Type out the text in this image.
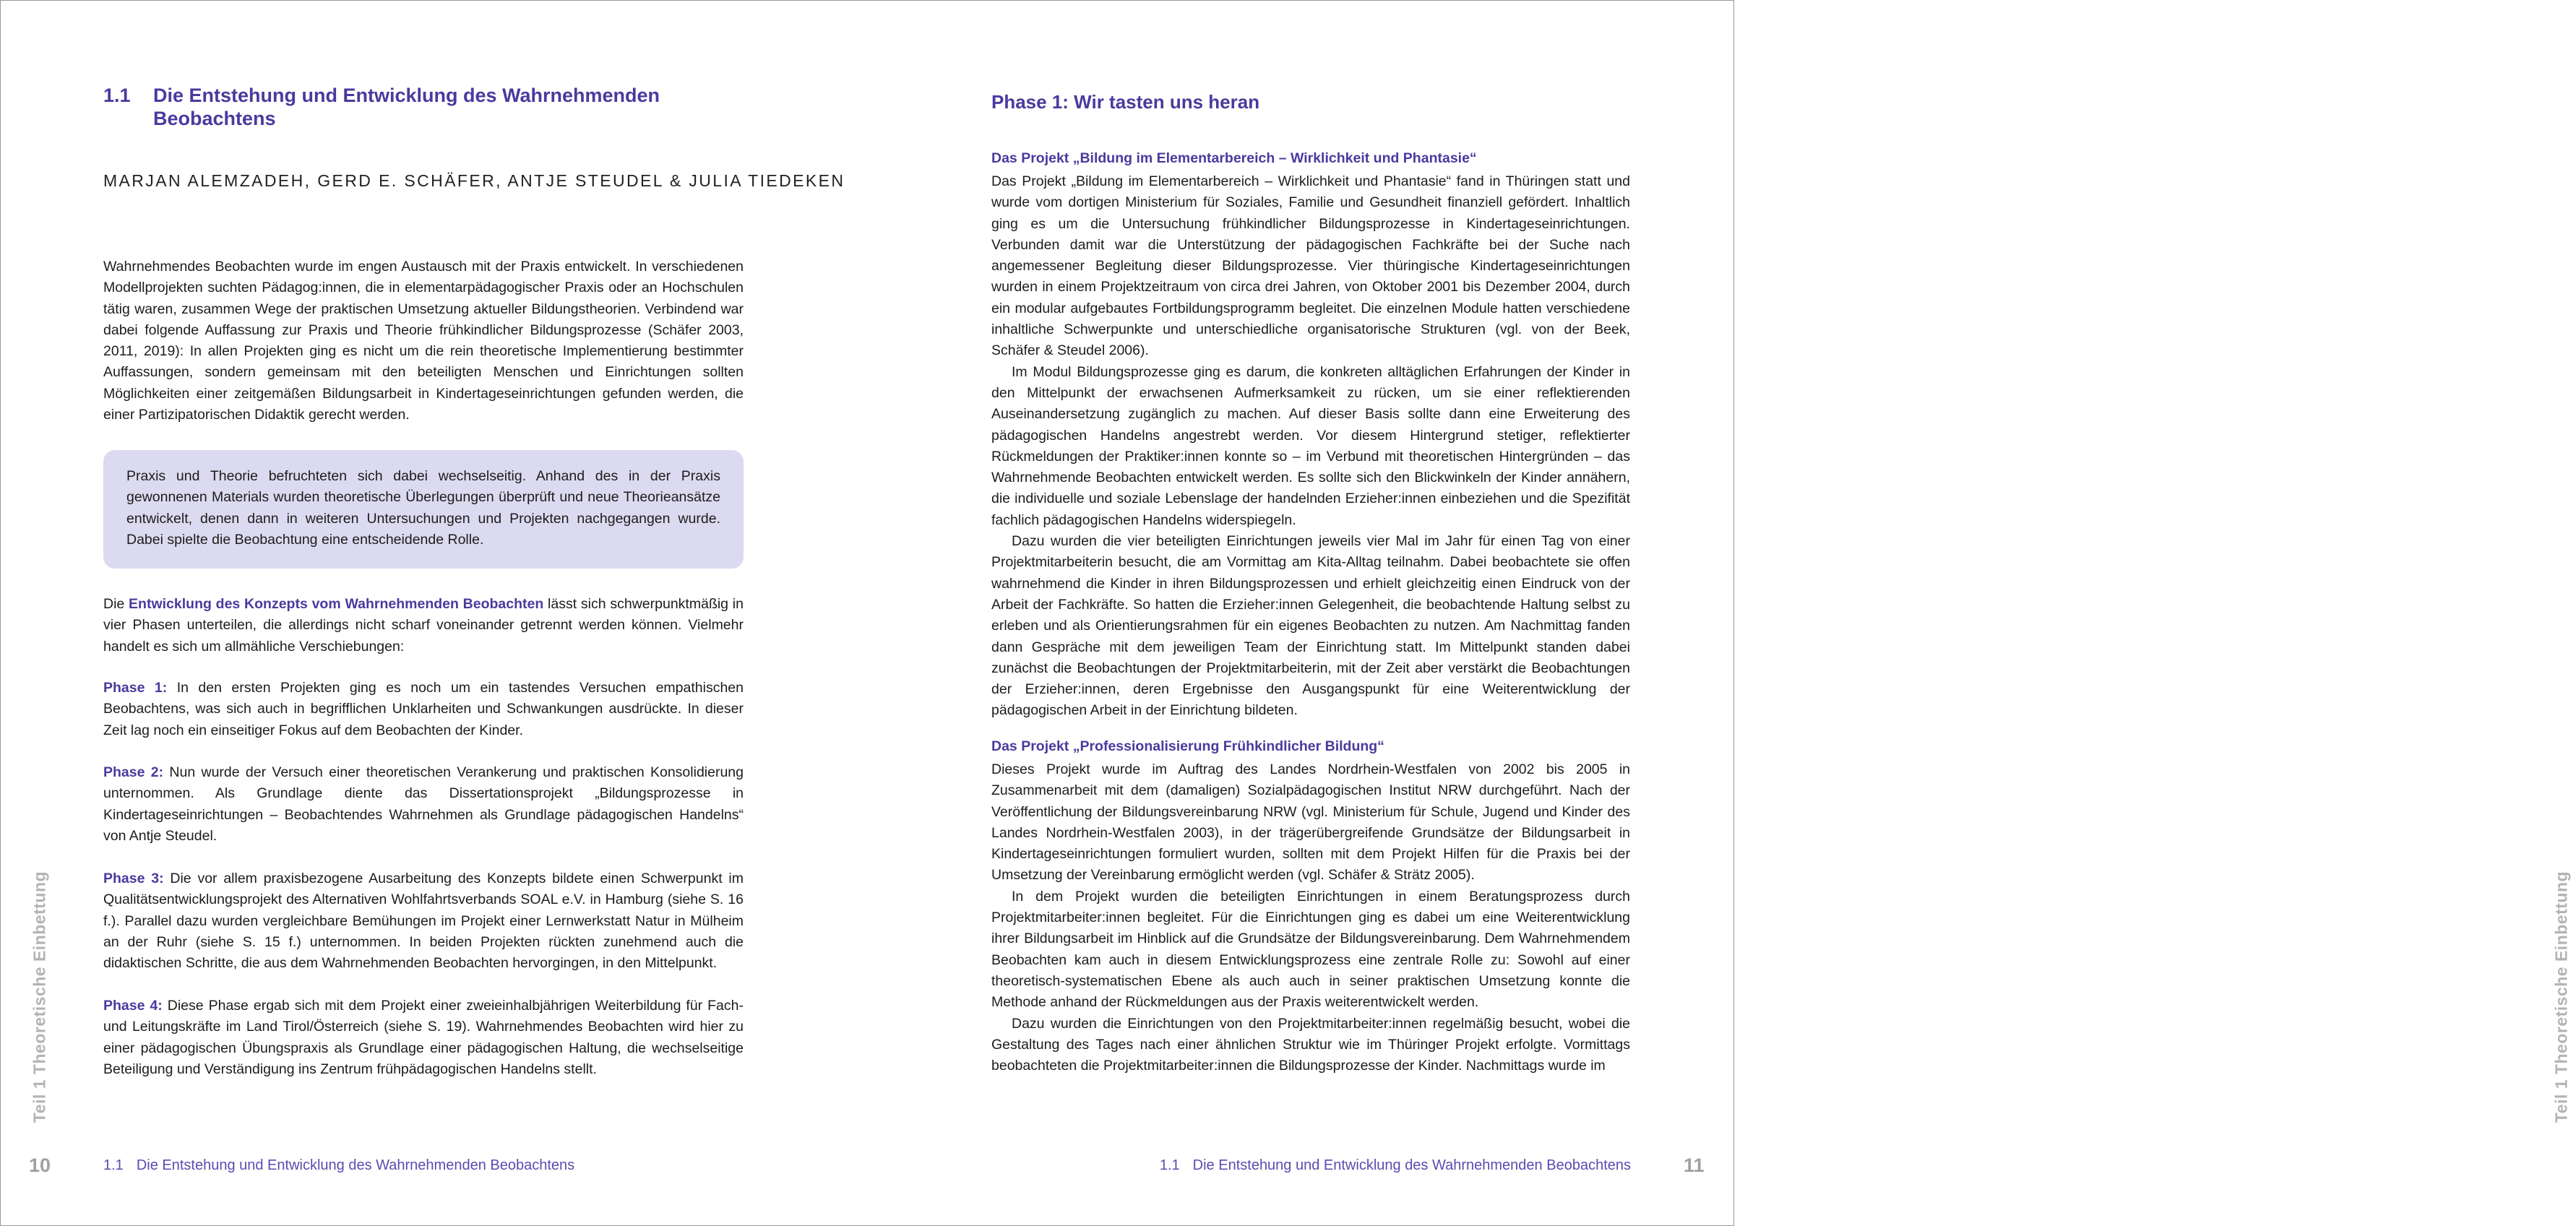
1.1 Die Entstehung und Entwicklung des Wahrnehmenden Beobachtens

MARJAN ALEMZADEH, GERD E. SCHÄFER, ANTJE STEUDEL & JULIA TIEDEKEN

Wahrnehmendes Beobachten wurde im engen Austausch mit der Praxis entwickelt. In verschiedenen Modellprojekten suchten Pädagog:innen, die in elementarpädagogischer Praxis oder an Hochschulen tätig waren, zusammen Wege der praktischen Umsetzung aktueller Bildungstheorien. Verbindend war dabei folgende Auffassung zur Praxis und Theorie frühkindlicher Bildungsprozesse (Schäfer 2003, 2011, 2019): In allen Projekten ging es nicht um die rein theoretische Implementierung bestimmter Auffassungen, sondern gemeinsam mit den beteiligten Menschen und Einrichtungen sollten Möglichkeiten einer zeitgemäßen Bildungsarbeit in Kindertageseinrichtungen gefunden werden, die einer Partizipatorischen Didaktik gerecht werden.

Praxis und Theorie befruchteten sich dabei wechselseitig. Anhand des in der Praxis gewonnenen Materials wurden theoretische Überlegungen überprüft und neue Theorieansätze entwickelt, denen dann in weiteren Untersuchungen und Projekten nachgegangen wurde. Dabei spielte die Beobachtung eine entscheidende Rolle.

Die Entwicklung des Konzepts vom Wahrnehmenden Beobachten lässt sich schwerpunktmäßig in vier Phasen unterteilen, die allerdings nicht scharf voneinander getrennt werden können. Vielmehr handelt es sich um allmähliche Verschiebungen:

Phase 1: In den ersten Projekten ging es noch um ein tastendes Versuchen empathischen Beobachtens, was sich auch in begrifflichen Unklarheiten und Schwankungen ausdrückte. In dieser Zeit lag noch ein einseitiger Fokus auf dem Beobachten der Kinder.

Phase 2: Nun wurde der Versuch einer theoretischen Verankerung und praktischen Konsolidierung unternommen. Als Grundlage diente das Dissertationsprojekt „Bildungsprozesse in Kindertageseinrichtungen – Beobachtendes Wahrnehmen als Grundlage pädagogischen Handelns“ von Antje Steudel.

Phase 3: Die vor allem praxisbezogene Ausarbeitung des Konzepts bildete einen Schwerpunkt im Qualitätsentwicklungsprojekt des Alternativen Wohlfahrtsverbands SOAL e.V. in Hamburg (siehe S. 16 f.). Parallel dazu wurden vergleichbare Bemühungen im Projekt einer Lernwerkstatt Natur in Mülheim an der Ruhr (siehe S. 15 f.) unternommen. In beiden Projekten rückten zunehmend auch die didaktischen Schritte, die aus dem Wahrnehmenden Beobachten hervorgingen, in den Mittelpunkt.

Phase 4: Diese Phase ergab sich mit dem Projekt einer zweieinhalbjährigen Weiterbildung für Fach- und Leitungskräfte im Land Tirol/Österreich (siehe S. 19). Wahrnehmendes Beobachten wird hier zu einer pädagogischen Übungspraxis als Grundlage einer pädagogischen Haltung, die wechselseitige Beteiligung und Verständigung ins Zentrum frühpädagogischen Handelns stellt.

Teil 1 Theoretische Einbettung

10	1.1 Die Entstehung und Entwicklung des Wahrnehmenden Beobachtens

Phase 1: Wir tasten uns heran
Das Projekt „Bildung im Elementarbereich – Wirklichkeit und Phantasie“

Das Projekt „Bildung im Elementarbereich – Wirklichkeit und Phantasie“ fand in Thüringen statt und wurde vom dortigen Ministerium für Soziales, Familie und Gesundheit finanziell gefördert. Inhaltlich ging es um die Untersuchung frühkindlicher Bildungsprozesse in Kindertageseinrichtungen. Verbunden damit war die Unterstützung der pädagogischen Fachkräfte bei der Suche nach angemessener Begleitung dieser Bildungsprozesse. Vier thüringische Kindertageseinrichtungen wurden in einem Projektzeitraum von circa drei Jahren, von Oktober 2001 bis Dezember 2004, durch ein modular aufgebautes Fortbildungsprogramm begleitet. Die einzelnen Module hatten verschiedene inhaltliche Schwerpunkte und unterschiedliche organisatorische Strukturen (vgl. von der Beek, Schäfer & Steudel 2006).

Im Modul Bildungsprozesse ging es darum, die konkreten alltäglichen Erfahrungen der Kinder in den Mittelpunkt der erwachsenen Aufmerksamkeit zu rücken, um sie einer reflektierenden Auseinandersetzung zugänglich zu machen. Auf dieser Basis sollte dann eine Erweiterung des pädagogischen Handelns angestrebt werden. Vor diesem Hintergrund stetiger, reflektierter Rückmeldungen der Praktiker:innen konnte so – im Verbund mit theoretischen Hintergründen – das Wahrnehmende Beobachten entwickelt werden. Es sollte sich den Blickwinkeln der Kinder annähern, die individuelle und soziale Lebenslage der handelnden Erzieher:innen einbeziehen und die Spezifität fachlich pädagogischen Handelns widerspiegeln.

Dazu wurden die vier beteiligten Einrichtungen jeweils vier Mal im Jahr für einen Tag von einer Projektmitarbeiterin besucht, die am Vormittag am Kita-Alltag teilnahm. Dabei beobachtete sie offen wahrnehmend die Kinder in ihren Bildungsprozessen und erhielt gleichzeitig einen Eindruck von der Arbeit der Fachkräfte. So hatten die Erzieher:innen Gelegenheit, die beobachtende Haltung selbst zu erleben und als Orientierungsrahmen für ein eigenes Beobachten zu nutzen. Am Nachmittag fanden dann Gespräche mit dem jeweiligen Team der Einrichtung statt. Im Mittelpunkt standen dabei zunächst die Beobachtungen der Projektmitarbeiterin, mit der Zeit aber verstärkt die Beobachtungen der Erzieher:innen, deren Ergebnisse den Ausgangspunkt für eine Weiterentwicklung der pädagogischen Arbeit in der Einrichtung bildeten.

Das Projekt „Professionalisierung Frühkindlicher Bildung“

Dieses Projekt wurde im Auftrag des Landes Nordrhein-Westfalen von 2002 bis 2005 in Zusammenarbeit mit dem (damaligen) Sozialpädagogischen Institut NRW durchgeführt. Nach der Veröffentlichung der Bildungsvereinbarung NRW (vgl. Ministerium für Schule, Jugend und Kinder des Landes Nordrhein-Westfalen 2003), in der trägerübergreifende Grundsätze der Bildungsarbeit in Kindertageseinrichtungen formuliert wurden, sollten mit dem Projekt Hilfen für die Praxis bei der Umsetzung der Vereinbarung ermöglicht werden (vgl. Schäfer & Strätz 2005).

In dem Projekt wurden die beteiligten Einrichtungen in einem Beratungsprozess durch Projektmitarbeiter:innen begleitet. Für die Einrichtungen ging es dabei um eine Weiterentwicklung ihrer Bildungsarbeit im Hinblick auf die Grundsätze der Bildungsvereinbarung. Dem Wahrnehmendem Beobachten kam auch in diesem Entwicklungsprozess eine zentrale Rolle zu: Sowohl auf einer theoretisch-systematischen Ebene als auch auch in seiner praktischen Umsetzung konnte die Methode anhand der Rückmeldungen aus der Praxis weiterentwickelt werden.

Dazu wurden die Einrichtungen von den Projektmitarbeiter:innen regelmäßig besucht, wobei die Gestaltung des Tages nach einer ähnlichen Struktur wie im Thüringer Projekt erfolgte. Vormittags beobachteten die Projektmitarbeiter:innen die Bildungsprozesse der Kinder. Nachmittags wurde im	Teil 1 Theoretische Einbettung

1.1 Die Entstehung und Entwicklung des Wahrnehmenden Beobachtens	11
